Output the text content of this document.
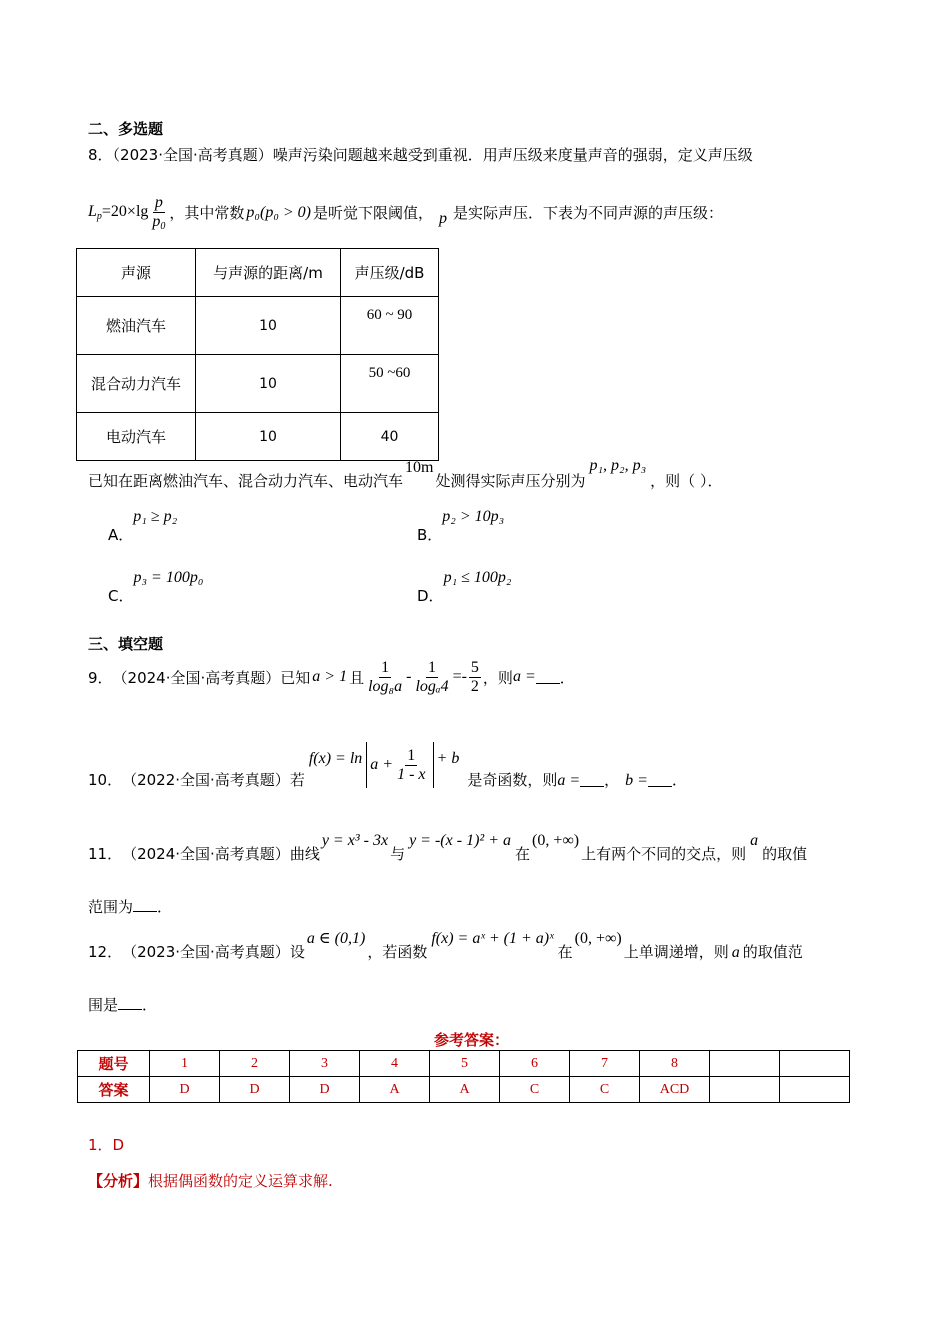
二、多选题
8．（2023·全国·高考真题）噪声污染问题越来越受到重视．用声压级来度量声音的强弱，定义声压级
$L_p=20\times\lg \frac{p}{p_0}$ ，其中常数 p₀(p₀ > 0) 是听觉下限阈值， p 是实际声压．下表为不同声源的声压级：
声源	与声源的距离/m	声压级/dB
燃油汽车	10	60 ~ 90
混合动力汽车	10	50 ~60
电动汽车	10	40
已知在距离燃油汽车、混合动力汽车、电动汽车
10m
处测得实际声压分别为
p₁, p₂, p₃
，则（ ）．
A．
p₁ ≥ p₂
B．
p₂ > 10p₃
C．
p₃ = 100p₀
D．
p₁ ≤ 100p₂
三、填空题
9． （2024·全国·高考真题） 已知 a > 1 且 $\frac{1}{\text{log₈a}} - \frac{1}{\text{logₐ4}} =- \frac{5}{2}$ ，则 a = ．
10． （2022·全国·高考真题） 若
$f(x) = \ln a + \frac{1}{1 - x} + b$
是奇函数，则 a = ， b = ．
11． （2024·全国·高考真题） 曲线
y = x³ - 3x
与
y = -(x - 1)² + a
在
(0, +∞)
上有两个不同的交点，则
a
的取值
范围为 ．
12． （2023·全国·高考真题） 设
a ∈ (0,1)
，若函数
f(x) = aˣ + (1 + a)ˣ
在
(0, +∞)
上单调递增，则 a 的取值范
围是 ．
参考答案：
题号	1	2	3	4	5	6	7	8		
答案	D	D	D	A	A	C	C	ACD		
1．D
【分析】根据偶函数的定义运算求解.
